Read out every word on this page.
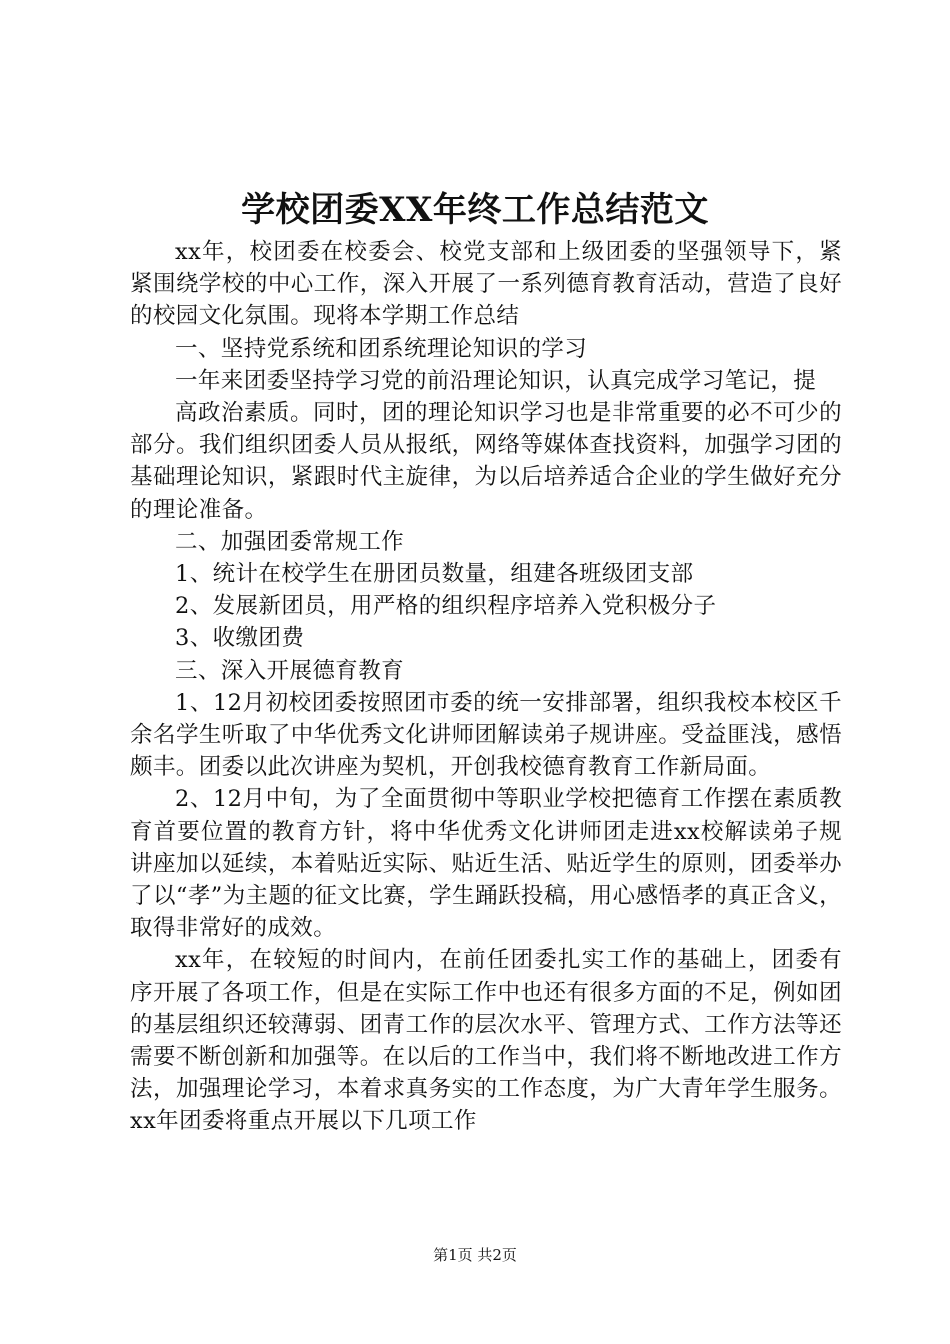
学校团委XX年终工作总结范文

xx年，校团委在校委会、校党支部和上级团委的坚强领导下，紧紧围绕学校的中心工作，深入开展了一系列德育教育活动，营造了良好的校园文化氛围。现将本学期工作总结

一、坚持党系统和团系统理论知识的学习

一年来团委坚持学习党的前沿理论知识，认真完成学习笔记，提

高政治素质。同时，团的理论知识学习也是非常重要的必不可少的部分。我们组织团委人员从报纸，网络等媒体查找资料，加强学习团的基础理论知识，紧跟时代主旋律，为以后培养适合企业的学生做好充分的理论准备。

二、加强团委常规工作

1、统计在校学生在册团员数量，组建各班级团支部

2、发展新团员，用严格的组织程序培养入党积极分子

3、收缴团费

三、深入开展德育教育

1、12月初校团委按照团市委的统一安排部署，组织我校本校区千余名学生听取了中华优秀文化讲师团解读弟子规讲座。受益匪浅，感悟颇丰。团委以此次讲座为契机，开创我校德育教育工作新局面。

2、12月中旬，为了全面贯彻中等职业学校把德育工作摆在素质教育首要位置的教育方针，将中华优秀文化讲师团走进xx校解读弟子规讲座加以延续，本着贴近实际、贴近生活、贴近学生的原则，团委举办了以“孝”为主题的征文比赛，学生踊跃投稿，用心感悟孝的真正含义，取得非常好的成效。

xx年，在较短的时间内，在前任团委扎实工作的基础上，团委有序开展了各项工作，但是在实际工作中也还有很多方面的不足，例如团的基层组织还较薄弱、团青工作的层次水平、管理方式、工作方法等还需要不断创新和加强等。在以后的工作当中，我们将不断地改进工作方法，加强理论学习，本着求真务实的工作态度，为广大青年学生服务。xx年团委将重点开展以下几项工作

第1页 共2页
